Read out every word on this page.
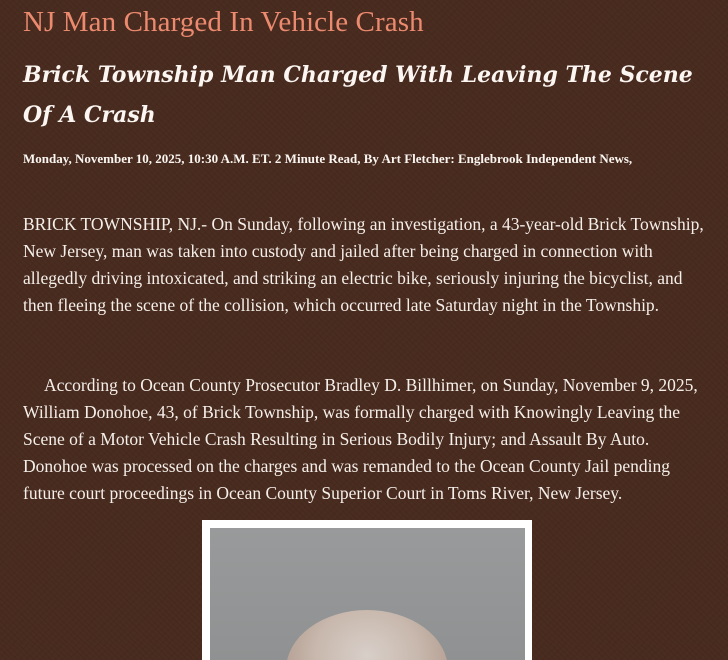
NJ Man Charged In Vehicle Crash
Brick Township Man Charged With Leaving The Scene Of A Crash

Monday, November 10, 2025, 10:30 A.M. ET. 2 Minute Read, By Art Fletcher: Englebrook Independent News,

BRICK TOWNSHIP, NJ.- On Sunday, following an investigation, a 43-year-old Brick Township, New Jersey, man was taken into custody and jailed after being charged in connection with allegedly driving intoxicated, and striking an electric bike, seriously injuring the bicyclist, and then fleeing the scene of the collision, which occurred late Saturday night in the Township.

According to Ocean County Prosecutor Bradley D. Billhimer, on Sunday, November 9, 2025, William Donohoe, 43, of Brick Township, was formally charged with Knowingly Leaving the Scene of a Motor Vehicle Crash Resulting in Serious Bodily Injury; and Assault By Auto. Donohoe was processed on the charges and was remanded to the Ocean County Jail pending future court proceedings in Ocean County Superior Court in Toms River, New Jersey.
